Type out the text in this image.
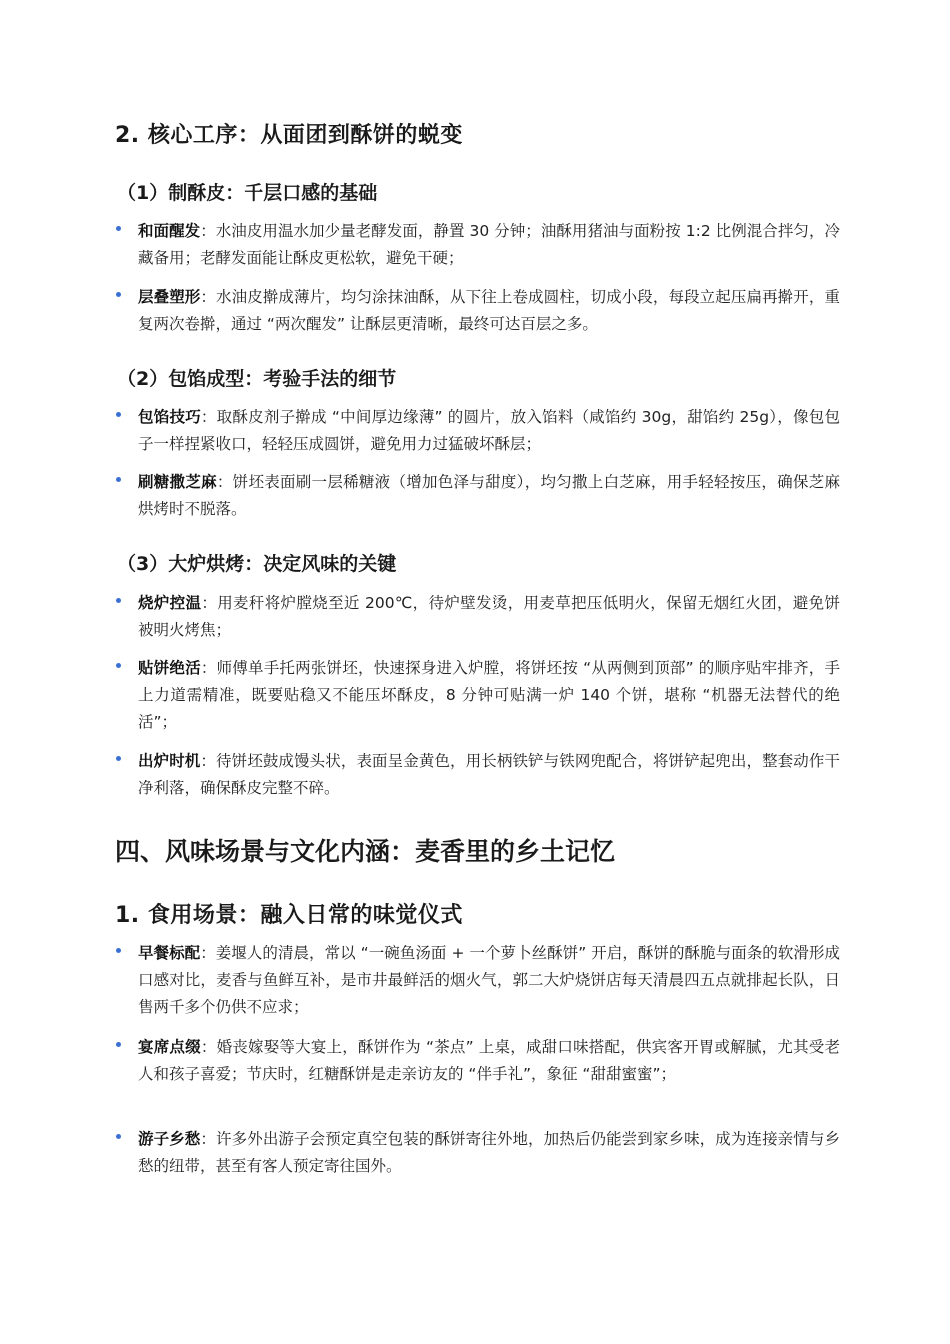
2. 核心工序：从面团到酥饼的蜕变
（1）制酥皮：千层口感的基础

和面醒发：水油皮用温水加少量老酵发面，静置 30 分钟；油酥用猪油与面粉按 1:2 比例混合拌匀，冷藏备用；老酵发面能让酥皮更松软，避免干硬；

层叠塑形：水油皮擀成薄片，均匀涂抹油酥，从下往上卷成圆柱，切成小段，每段立起压扁再擀开，重复两次卷擀，通过 “两次醒发” 让酥层更清晰，最终可达百层之多。

（2）包馅成型：考验手法的细节

包馅技巧：取酥皮剂子擀成 “中间厚边缘薄” 的圆片，放入馅料（咸馅约 30g，甜馅约 25g），像包包子一样捏紧收口，轻轻压成圆饼，避免用力过猛破坏酥层；

刷糖撒芝麻：饼坯表面刷一层稀糖液（增加色泽与甜度），均匀撒上白芝麻，用手轻轻按压，确保芝麻烘烤时不脱落。

（3）大炉烘烤：决定风味的关键

烧炉控温：用麦秆将炉膛烧至近 200℃，待炉壁发烫，用麦草把压低明火，保留无烟红火团，避免饼被明火烤焦；

贴饼绝活：师傅单手托两张饼坯，快速探身进入炉膛，将饼坯按 “从两侧到顶部” 的顺序贴牢排齐，手上力道需精准，既要贴稳又不能压坏酥皮，8 分钟可贴满一炉 140 个饼，堪称 “机器无法替代的绝活”；

出炉时机：待饼坯鼓成馒头状，表面呈金黄色，用长柄铁铲与铁网兜配合，将饼铲起兜出，整套动作干净利落，确保酥皮完整不碎。

四、风味场景与文化内涵：麦香里的乡土记忆
1. 食用场景：融入日常的味觉仪式

早餐标配：姜堰人的清晨，常以 “一碗鱼汤面 + 一个萝卜丝酥饼” 开启，酥饼的酥脆与面条的软滑形成口感对比，麦香与鱼鲜互补，是市井最鲜活的烟火气，郭二大炉烧饼店每天清晨四五点就排起长队，日售两千多个仍供不应求；

宴席点缀：婚丧嫁娶等大宴上，酥饼作为 “茶点” 上桌，咸甜口味搭配，供宾客开胃或解腻，尤其受老人和孩子喜爱；节庆时，红糖酥饼是走亲访友的 “伴手礼”，象征 “甜甜蜜蜜”；

游子乡愁：许多外出游子会预定真空包装的酥饼寄往外地，加热后仍能尝到家乡味，成为连接亲情与乡愁的纽带，甚至有客人预定寄往国外。
